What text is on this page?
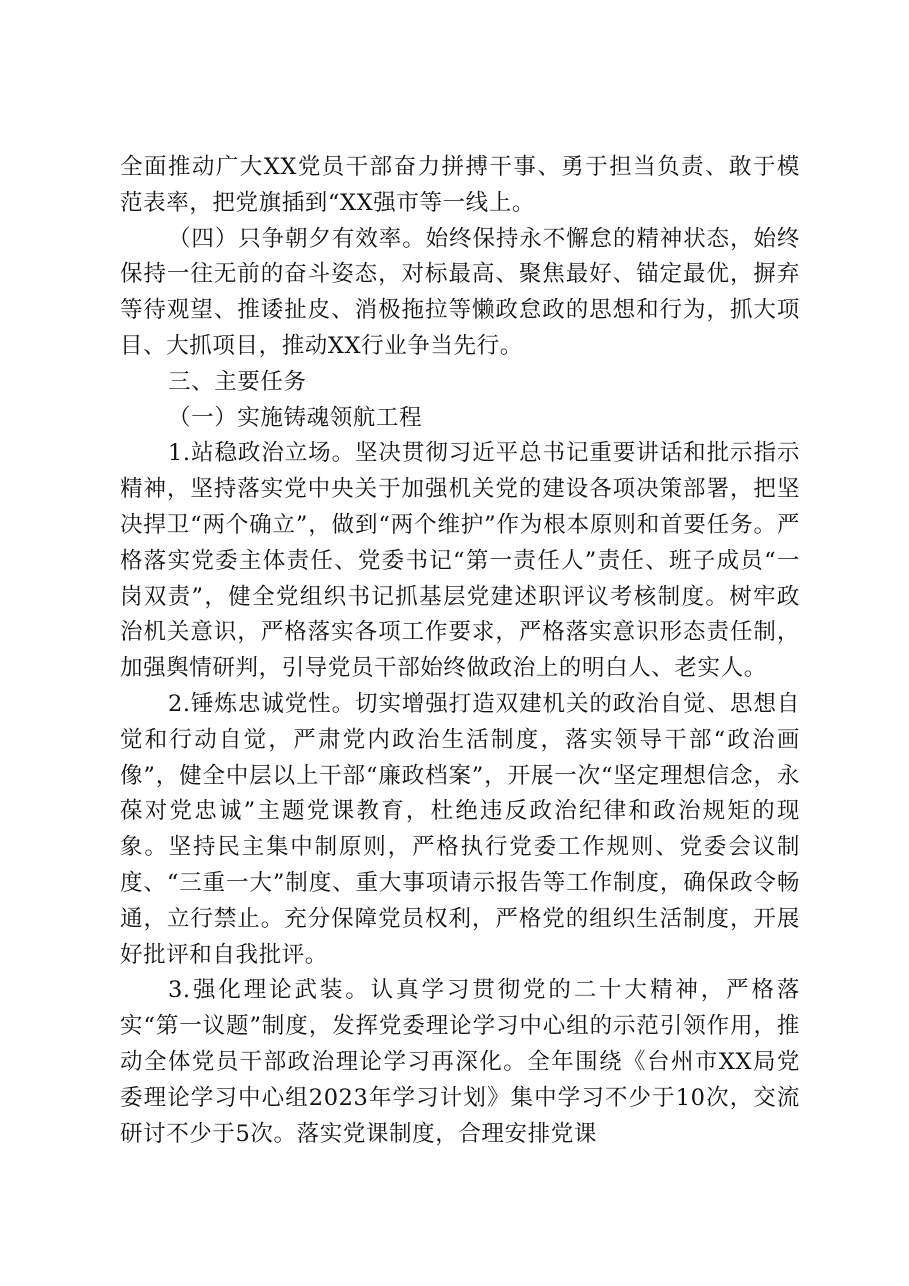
全面推动广大XX党员干部奋力拼搏干事、勇于担当负责、敢于模范表率，把党旗插到“XX强市等一线上。

（四）只争朝夕有效率。始终保持永不懈怠的精神状态，始终保持一往无前的奋斗姿态，对标最高、聚焦最好、锚定最优，摒弃等待观望、推诿扯皮、消极拖拉等懒政怠政的思想和行为，抓大项目、大抓项目，推动XX行业争当先行。

三、主要任务

（一）实施铸魂领航工程

1.站稳政治立场。坚决贯彻习近平总书记重要讲话和批示指示精神，坚持落实党中央关于加强机关党的建设各项决策部署，把坚决捍卫“两个确立”，做到“两个维护”作为根本原则和首要任务。严格落实党委主体责任、党委书记“第一责任人”责任、班子成员“一岗双责”，健全党组织书记抓基层党建述职评议考核制度。树牢政治机关意识，严格落实各项工作要求，严格落实意识形态责任制，加强舆情研判，引导党员干部始终做政治上的明白人、老实人。

2.锤炼忠诚党性。切实增强打造双建机关的政治自觉、思想自觉和行动自觉，严肃党内政治生活制度，落实领导干部“政治画像”，健全中层以上干部“廉政档案”，开展一次“坚定理想信念，永葆对党忠诚”主题党课教育，杜绝违反政治纪律和政治规矩的现象。坚持民主集中制原则，严格执行党委工作规则、党委会议制度、“三重一大”制度、重大事项请示报告等工作制度，确保政令畅通，立行禁止。充分保障党员权利，严格党的组织生活制度，开展好批评和自我批评。

3.强化理论武装。认真学习贯彻党的二十大精神，严格落实“第一议题”制度，发挥党委理论学习中心组的示范引领作用，推动全体党员干部政治理论学习再深化。全年围绕《台州市XX局党委理论学习中心组2023年学习计划》集中学习不少于10次，交流研讨不少于5次。落实党课制度，合理安排党课
